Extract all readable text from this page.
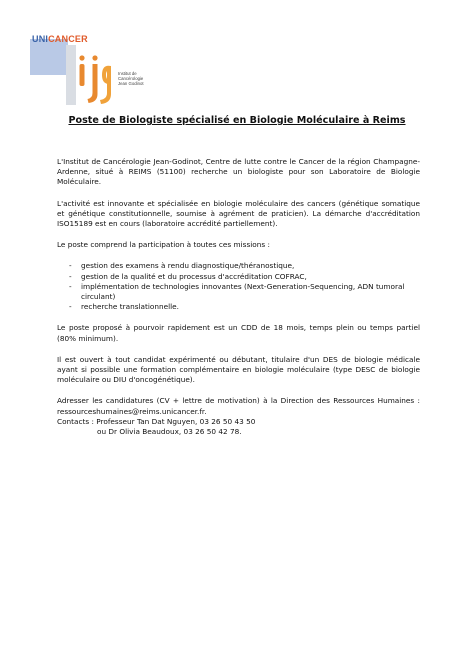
UNICANCER
Institut de
Cancérologie
Jean Godinot
Poste de Biologiste spécialisé en Biologie Moléculaire à Reims

L'Institut de Cancérologie Jean-Godinot, Centre de lutte contre le Cancer de la région Champagne-Ardenne, situé à REIMS (51100) recherche un biologiste pour son Laboratoire de Biologie Moléculaire.

L'activité est innovante et spécialisée en biologie moléculaire des cancers (génétique somatique et génétique constitutionnelle, soumise à agrément de praticien). La démarche d'accréditation ISO15189 est en cours (laboratoire accrédité partiellement).

Le poste comprend la participation à toutes ces missions :

- gestion des examens à rendu diagnostique/théranostique,
- gestion de la qualité et du processus d'accréditation COFRAC,
- implémentation de technologies innovantes (Next-Generation-Sequencing, ADN tumoral circulant)
- recherche translationnelle.

Le poste proposé à pourvoir rapidement est un CDD de 18 mois, temps plein ou temps partiel (80% minimum).

Il est ouvert à tout candidat expérimenté ou débutant, titulaire d'un DES de biologie médicale ayant si possible une formation complémentaire en biologie moléculaire (type DESC de biologie moléculaire ou DIU d'oncogénétique).

Adresser les candidatures (CV + lettre de motivation) à la Direction des Ressources Humaines : ressourceshumaines@reims.unicancer.fr.

Contacts : Professeur Tan Dat Nguyen, 03 26 50 43 50

ou Dr Olivia Beaudoux, 03 26 50 42 78.
